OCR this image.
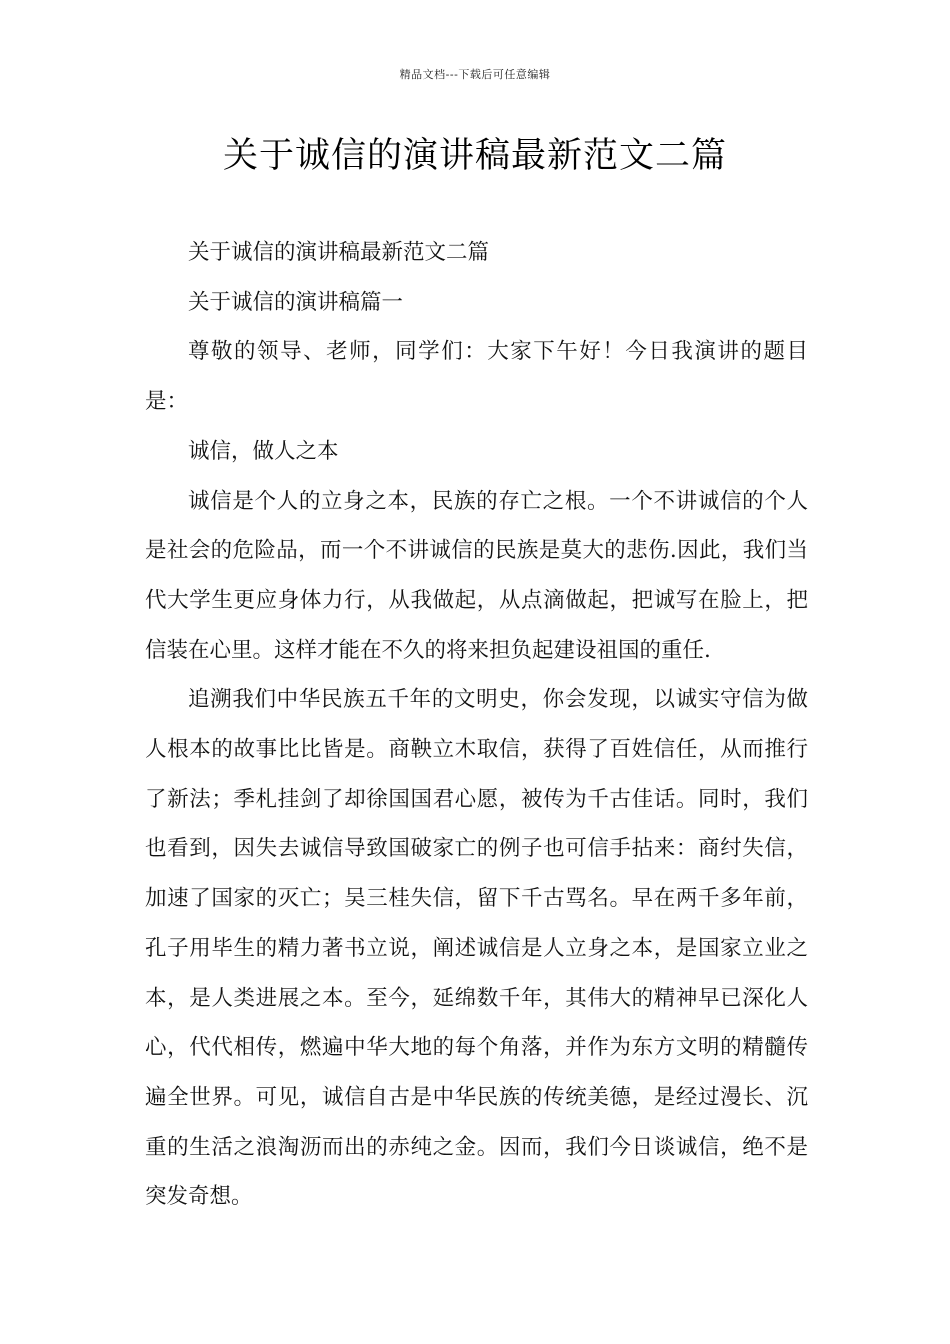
精品文档---下载后可任意编辑
关于诚信的演讲稿最新范文二篇

关于诚信的演讲稿最新范文二篇

关于诚信的演讲稿篇一

尊敬的领导、老师，同学们：大家下午好！今日我演讲的题目是：

诚信，做人之本

诚信是个人的立身之本，民族的存亡之根。一个不讲诚信的个人是社会的危险品，而一个不讲诚信的民族是莫大的悲伤.因此，我们当代大学生更应身体力行，从我做起，从点滴做起，把诚写在脸上，把信装在心里。这样才能在不久的将来担负起建设祖国的重任.

追溯我们中华民族五千年的文明史，你会发现，以诚实守信为做人根本的故事比比皆是。商鞅立木取信，获得了百姓信任，从而推行了新法；季札挂剑了却徐国国君心愿，被传为千古佳话。同时，我们也看到，因失去诚信导致国破家亡的例子也可信手拈来：商纣失信，加速了国家的灭亡；吴三桂失信，留下千古骂名。早在两千多年前，孔子用毕生的精力著书立说，阐述诚信是人立身之本，是国家立业之本，是人类进展之本。至今，延绵数千年，其伟大的精神早已深化人心，代代相传，燃遍中华大地的每个角落，并作为东方文明的精髓传遍全世界。可见，诚信自古是中华民族的传统美德，是经过漫长、沉重的生活之浪淘沥而出的赤纯之金。因而，我们今日谈诚信，绝不是突发奇想。
